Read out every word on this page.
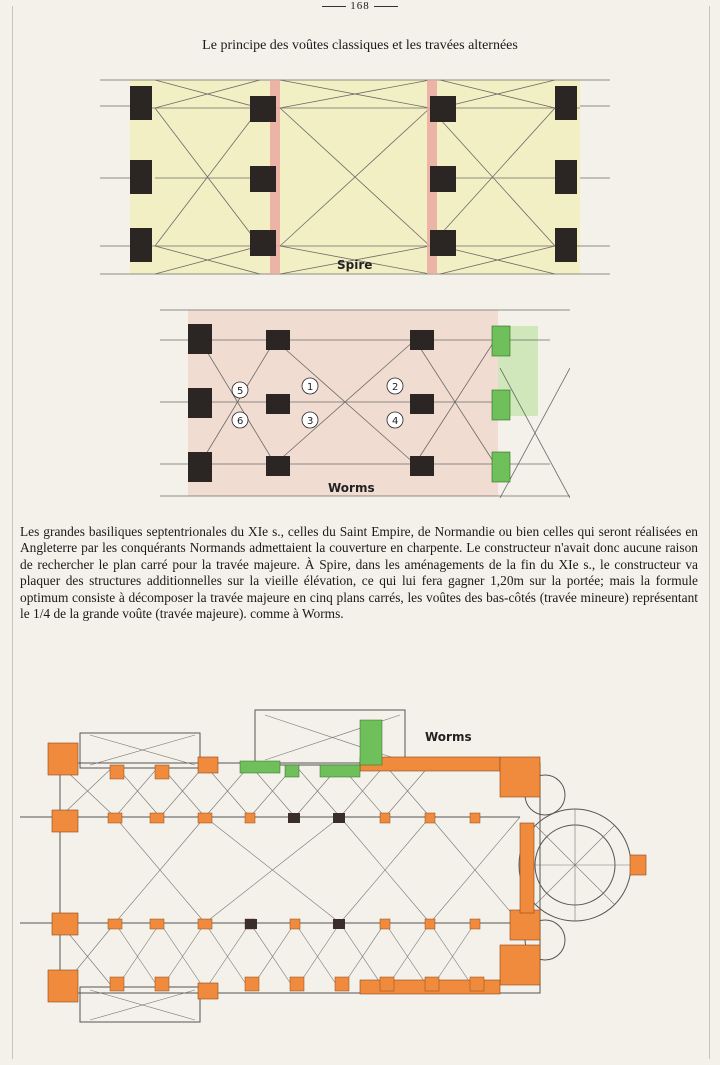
168
Le principe des voûtes classiques et les travées alternées
Spire
1	2
3	4
5
6
Worms

Les grandes basiliques septentrionales du XIe s., celles du Saint Empire, de Normandie ou bien celles qui seront réalisées en Angleterre par les conquérants Normands admettaient la couverture en charpente. Le constructeur n'avait donc aucune raison de rechercher le plan carré pour la travée majeure. À Spire, dans les aménagements de la fin du XIe s., le constructeur va plaquer des structures additionnelles sur la vieille élévation, ce qui lui fera gagner 1,20m sur la portée; mais la formule optimum consiste à décomposer la travée majeure en cinq plans carrés, les voûtes des bas-côtés (travée mineure) représentant le 1/4 de la grande voûte (travée majeure). comme à Worms.

Worms
